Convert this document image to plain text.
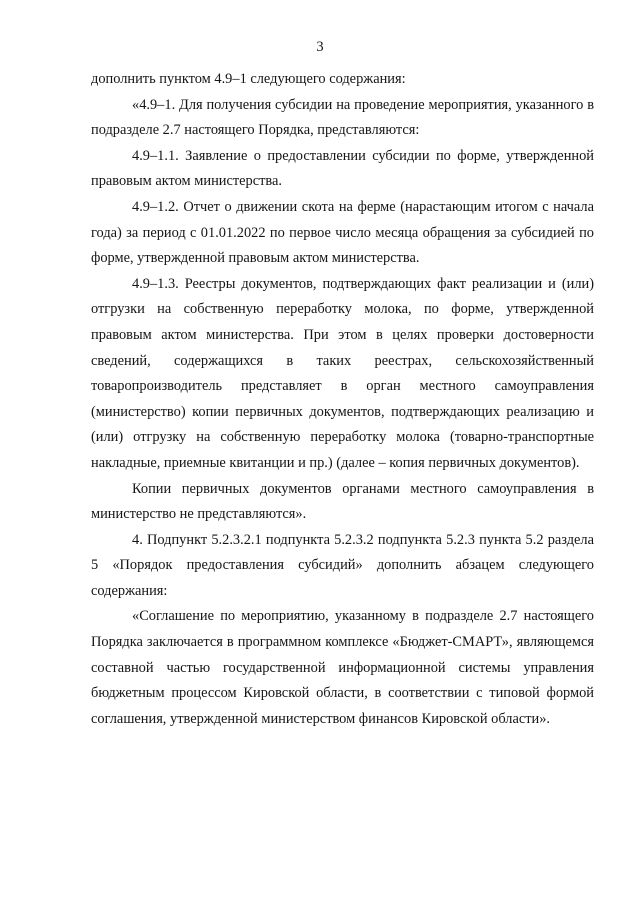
3

дополнить пунктом 4.9–1 следующего содержания:

«4.9–1. Для получения субсидии на проведение мероприятия, указанного в подразделе 2.7 настоящего Порядка, представляются:

4.9–1.1. Заявление о предоставлении субсидии по форме, утвержденной правовым актом министерства.

4.9–1.2. Отчет о движении скота на ферме (нарастающим итогом с начала года) за период с 01.01.2022 по первое число месяца обращения за субсидией по форме, утвержденной правовым актом министерства.

4.9–1.3. Реестры документов, подтверждающих факт реализации и (или) отгрузки на собственную переработку молока, по форме, утвержденной правовым актом министерства. При этом в целях проверки достоверности сведений, содержащихся в таких реестрах, сельскохозяйственный товаропроизводитель представляет в орган местного самоуправления (министерство) копии первичных документов, подтверждающих реализацию и (или) отгрузку на собственную переработку молока (товарно-транспортные накладные, приемные квитанции и пр.) (далее – копия первичных документов).

Копии первичных документов органами местного самоуправления в министерство не представляются».

4. Подпункт 5.2.3.2.1 подпункта 5.2.3.2 подпункта 5.2.3 пункта 5.2 раздела 5 «Порядок предоставления субсидий» дополнить абзацем следующего содержания:

«Соглашение по мероприятию, указанному в подразделе 2.7 настоящего Порядка заключается в программном комплексе «Бюджет-СМАРТ», являющемся составной частью государственной информационной системы управления бюджетным процессом Кировской области, в соответствии с типовой формой соглашения, утвержденной министерством финансов Кировской области».
